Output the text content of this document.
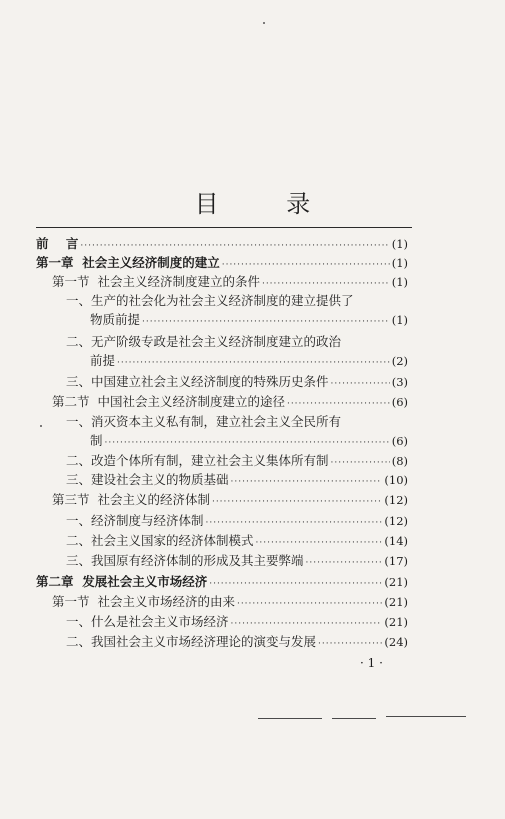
目 录
前    言 ·····	(1)
第一章  社会主义经济制度的建立 ·····	(1)
第一节  社会主义经济制度建立的条件 ·····	(1)
一、生产的社会化为社会主义经济制度的建立提供了
物质前提 ·····	(1)
二、无产阶级专政是社会主义经济制度建立的政治
前提 ·····	(2)
三、中国建立社会主义经济制度的特殊历史条件 ·····	(3)
第二节  中国社会主义经济制度建立的途径 ·····	(6)
一、消灭资本主义私有制，建立社会主义全民所有
制 ·····	(6)
二、改造个体所有制，建立社会主义集体所有制 ·····	(8)
三、建设社会主义的物质基础 ·····	(10)
第三节  社会主义的经济体制 ·····	(12)
一、经济制度与经济体制 ·····	(12)
二、社会主义国家的经济体制模式 ·····	(14)
三、我国原有经济体制的形成及其主要弊端 ·····	(17)
第二章  发展社会主义市场经济 ·····	(21)
第一节  社会主义市场经济的由来 ·····	(21)
一、什么是社会主义市场经济 ·····	(21)
二、我国社会主义市场经济理论的演变与发展 ·····	(24)
· 1 ·
